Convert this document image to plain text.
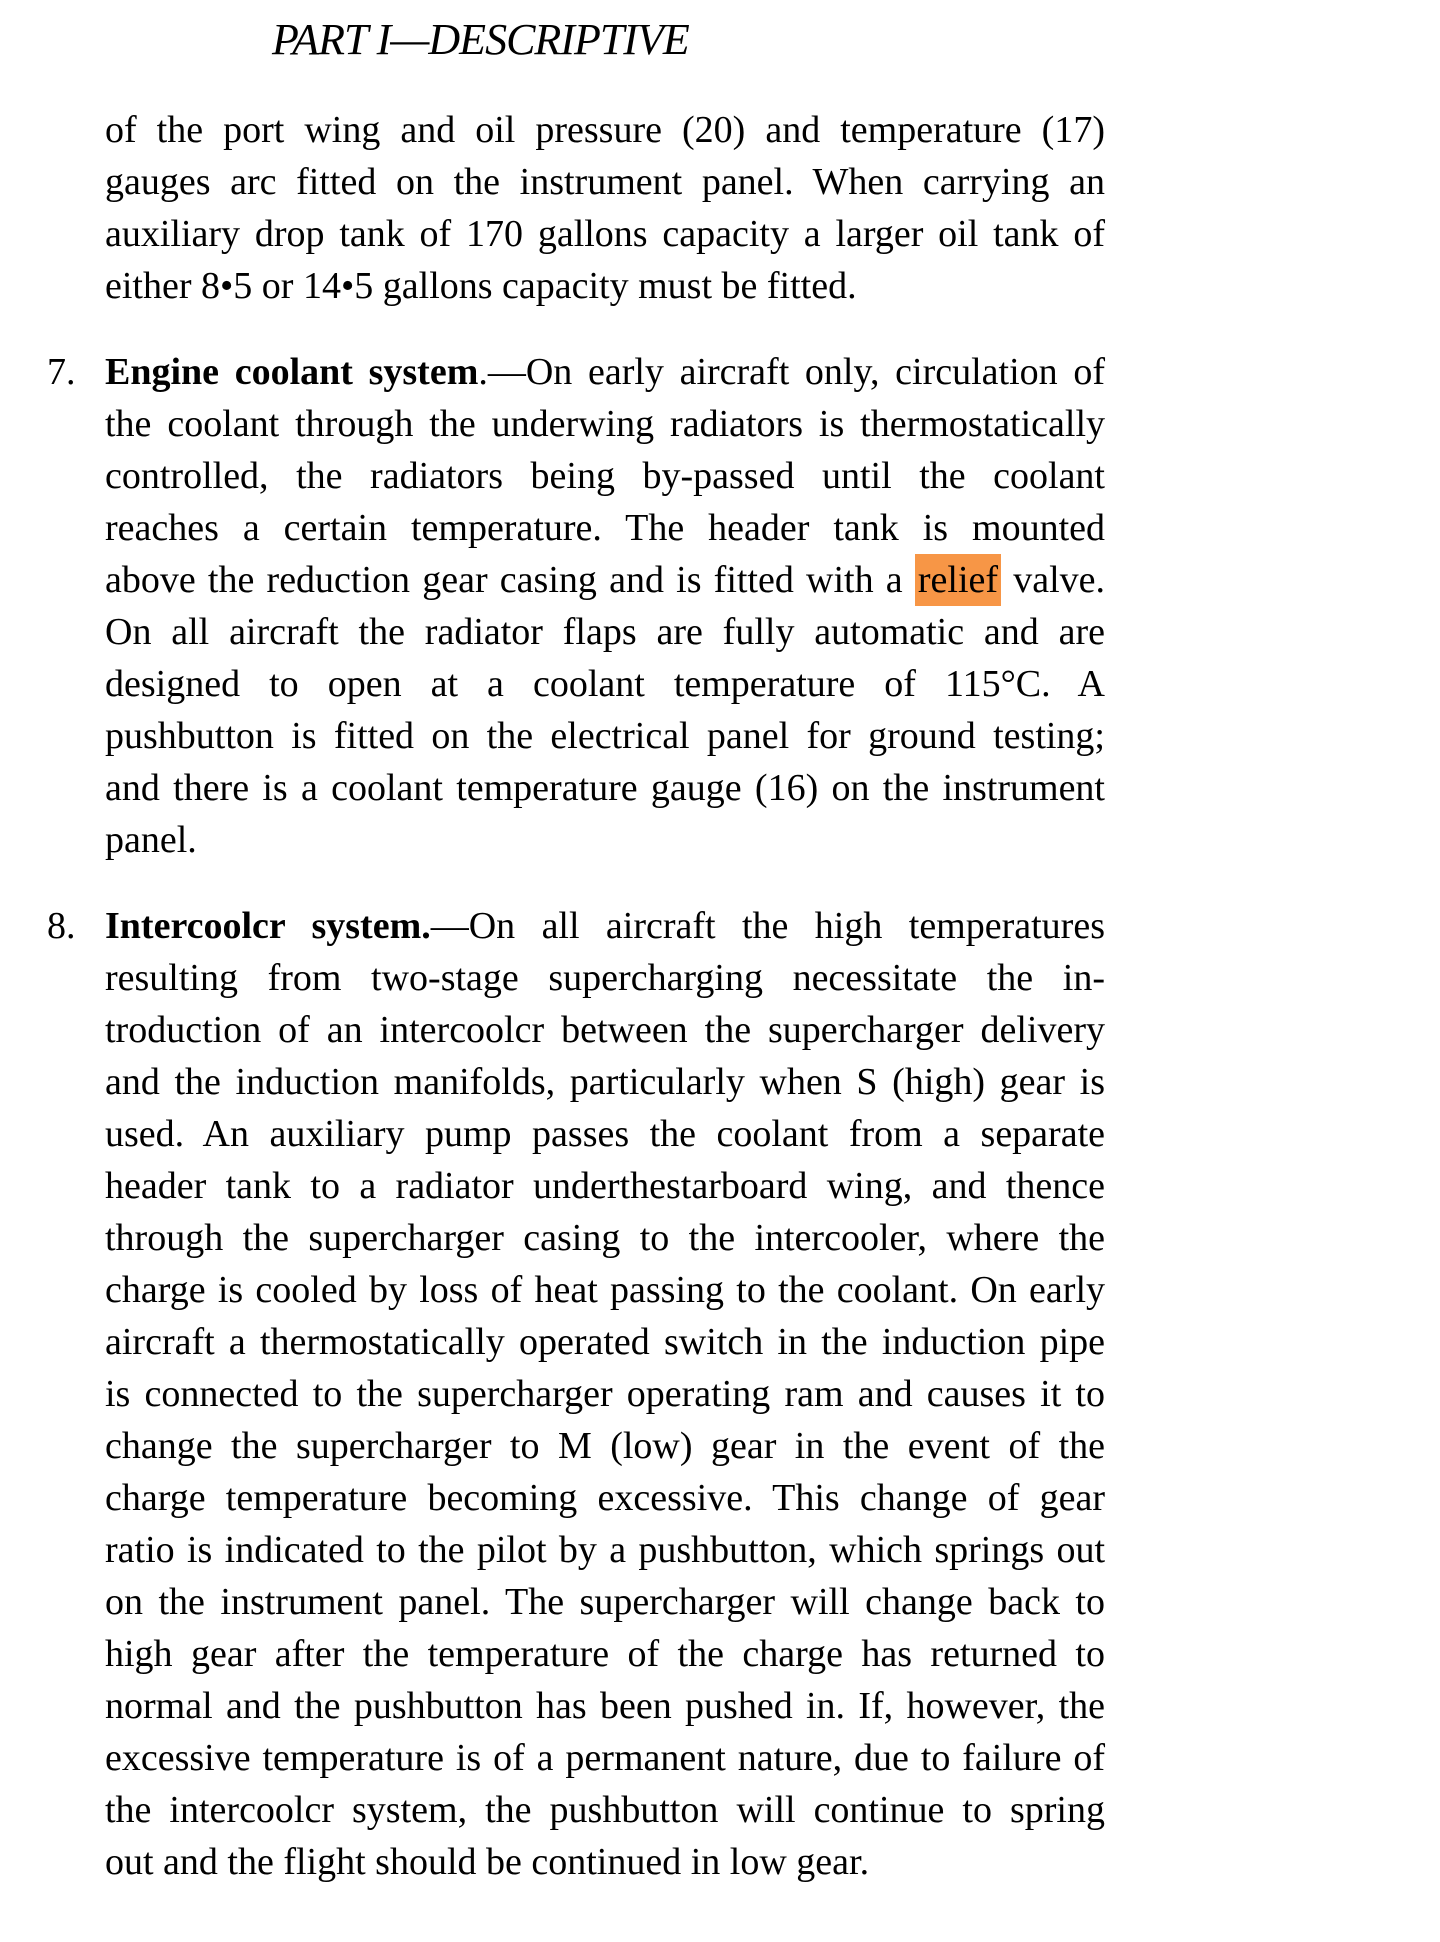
PART I—DESCRIPTIVE
of the port wing and oil pressure (20) and temperature (17)
gauges arc fitted on the instrument panel. When carrying an
auxiliary drop tank of 170 gallons capacity a larger oil tank of
either 8•5 or 14•5 gallons capacity must be fitted.
7. Engine coolant system.—On early aircraft only, circulation of
the coolant through the underwing radiators is thermostatically
controlled, the radiators being by-passed until the coolant
reaches a certain temperature. The header tank is mounted
above the reduction gear casing and is fitted with a relief valve.
On all aircraft the radiator flaps are fully automatic and are
designed to open at a coolant temperature of 115°C. A
pushbutton is fitted on the electrical panel for ground testing;
and there is a coolant temperature gauge (16) on the instrument
panel.
8. Intercoolcr system.—On all aircraft the high temperatures
resulting from two-stage supercharging necessitate the in-
troduction of an intercoolcr between the supercharger delivery
and the induction manifolds, particularly when S (high) gear is
used. An auxiliary pump passes the coolant from a separate
header tank to a radiator underthestarboard wing, and thence
through the supercharger casing to the intercooler, where the
charge is cooled by loss of heat passing to the coolant. On early
aircraft a thermostatically operated switch in the induction pipe
is connected to the supercharger operating ram and causes it to
change the supercharger to M (low) gear in the event of the
charge temperature becoming excessive. This change of gear
ratio is indicated to the pilot by a pushbutton, which springs out
on the instrument panel. The supercharger will change back to
high gear after the temperature of the charge has returned to
normal and the pushbutton has been pushed in. If, however, the
excessive temperature is of a permanent nature, due to failure of
the intercoolcr system, the pushbutton will continue to spring
out and the flight should be continued in low gear.
